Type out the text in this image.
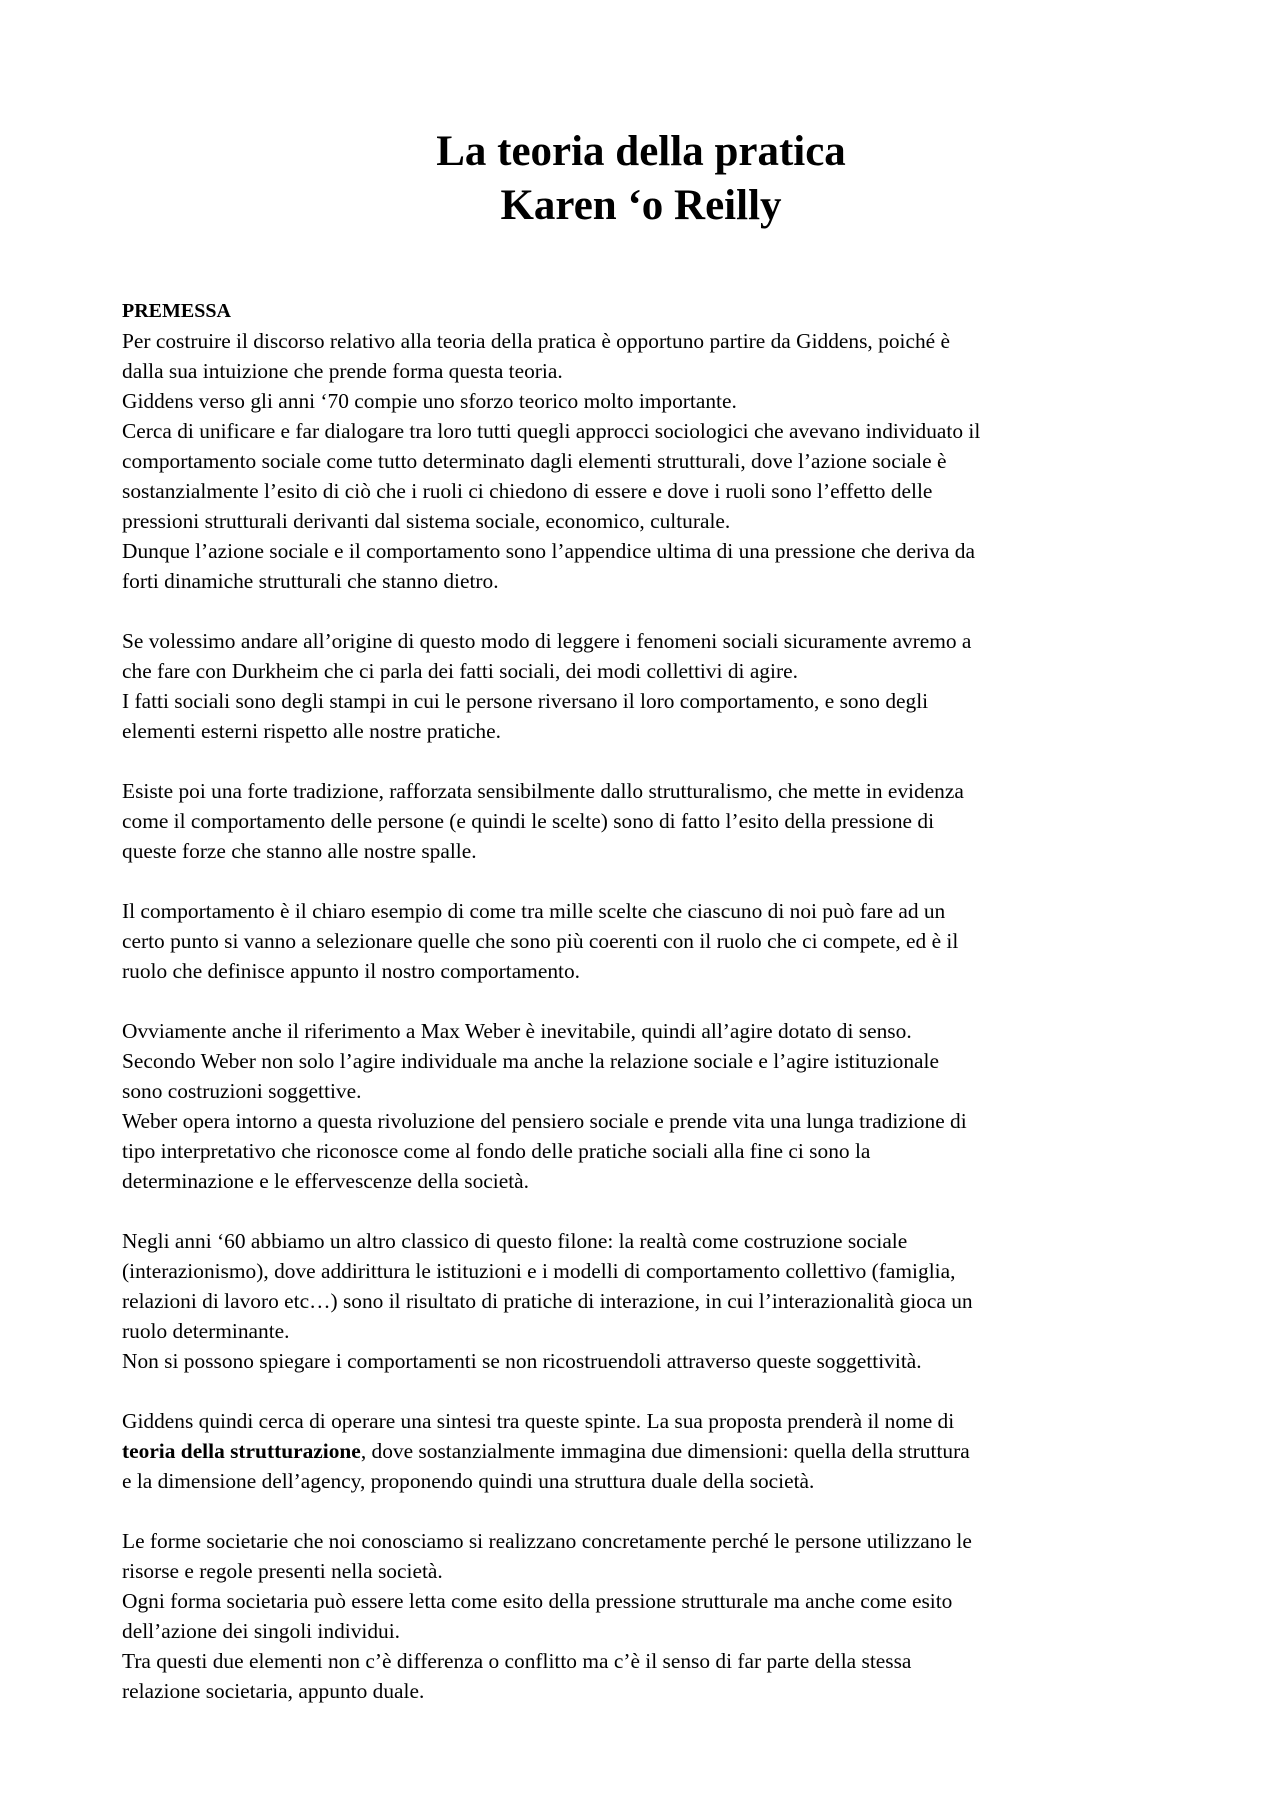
La teoria della pratica
Karen ‘o Reilly
PREMESSA
Per costruire il discorso relativo alla teoria della pratica è opportuno partire da Giddens, poiché è
dalla sua intuizione che prende forma questa teoria.
Giddens verso gli anni ‘70 compie uno sforzo teorico molto importante.
Cerca di unificare e far dialogare tra loro tutti quegli approcci sociologici che avevano individuato il
comportamento sociale come tutto determinato dagli elementi strutturali, dove l’azione sociale è
sostanzialmente l’esito di ciò che i ruoli ci chiedono di essere e dove i ruoli sono l’effetto delle
pressioni strutturali derivanti dal sistema sociale, economico, culturale.
Dunque l’azione sociale e il comportamento sono l’appendice ultima di una pressione che deriva da
forti dinamiche strutturali che stanno dietro.
Se volessimo andare all’origine di questo modo di leggere i fenomeni sociali sicuramente avremo a
che fare con Durkheim che ci parla dei fatti sociali, dei modi collettivi di agire.
I fatti sociali sono degli stampi in cui le persone riversano il loro comportamento, e sono degli
elementi esterni rispetto alle nostre pratiche.
Esiste poi una forte tradizione, rafforzata sensibilmente dallo strutturalismo, che mette in evidenza
come il comportamento delle persone (e quindi le scelte) sono di fatto l’esito della pressione di
queste forze che stanno alle nostre spalle.
Il comportamento è il chiaro esempio di come tra mille scelte che ciascuno di noi può fare ad un
certo punto si vanno a selezionare quelle che sono più coerenti con il ruolo che ci compete, ed è il
ruolo che definisce appunto il nostro comportamento.
Ovviamente anche il riferimento a Max Weber è inevitabile, quindi all’agire dotato di senso.
Secondo Weber non solo l’agire individuale ma anche la relazione sociale e l’agire istituzionale
sono costruzioni soggettive.
Weber opera intorno a questa rivoluzione del pensiero sociale e prende vita una lunga tradizione di
tipo interpretativo che riconosce come al fondo delle pratiche sociali alla fine ci sono la
determinazione e le effervescenze della società.
Negli anni ‘60 abbiamo un altro classico di questo filone: la realtà come costruzione sociale
(interazionismo), dove addirittura le istituzioni e i modelli di comportamento collettivo (famiglia,
relazioni di lavoro etc…) sono il risultato di pratiche di interazione, in cui l’interazionalità gioca un
ruolo determinante.
Non si possono spiegare i comportamenti se non ricostruendoli attraverso queste soggettività.
Giddens quindi cerca di operare una sintesi tra queste spinte. La sua proposta prenderà il nome di
teoria della strutturazione, dove sostanzialmente immagina due dimensioni: quella della struttura
e la dimensione dell’agency, proponendo quindi una struttura duale della società.
Le forme societarie che noi conosciamo si realizzano concretamente perché le persone utilizzano le
risorse e regole presenti nella società.
Ogni forma societaria può essere letta come esito della pressione strutturale ma anche come esito
dell’azione dei singoli individui.
Tra questi due elementi non c’è differenza o conflitto ma c’è il senso di far parte della stessa
relazione societaria, appunto duale.
